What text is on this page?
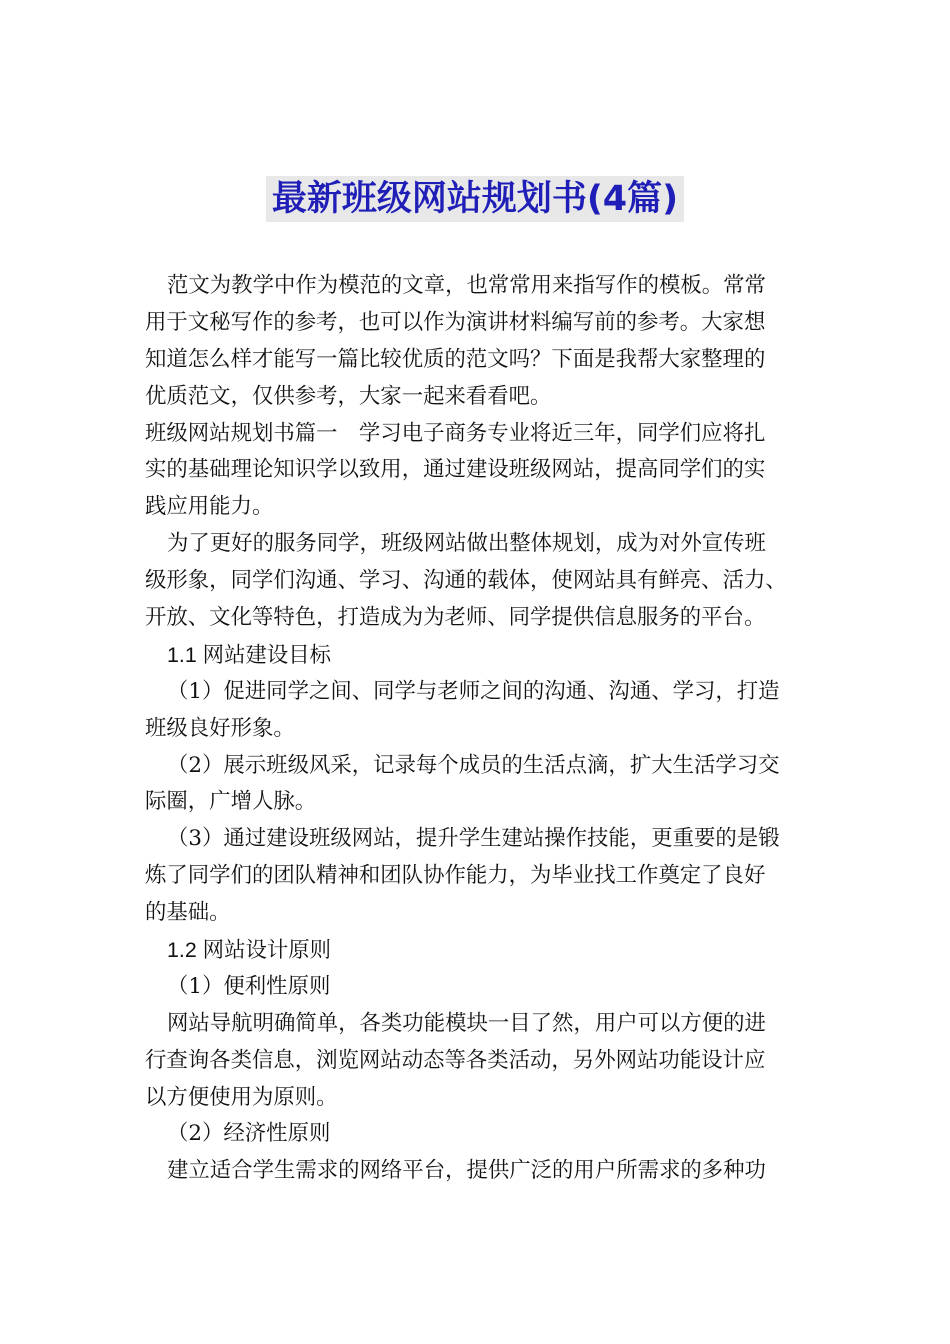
最新班级网站规划书(4篇)
范文为教学中作为模范的文章，也常常用来指写作的模板。常常
用于文秘写作的参考，也可以作为演讲材料编写前的参考。大家想
知道怎么样才能写一篇比较优质的范文吗？下面是我帮大家整理的
优质范文，仅供参考，大家一起来看看吧。
班级网站规划书篇一　学习电子商务专业将近三年，同学们应将扎
实的基础理论知识学以致用，通过建设班级网站，提高同学们的实
践应用能力。
为了更好的服务同学，班级网站做出整体规划，成为对外宣传班
级形象，同学们沟通、学习、沟通的载体，使网站具有鲜亮、活力、
开放、文化等特色，打造成为为老师、同学提供信息服务的平台。
1.1 网站建设目标
（1）促进同学之间、同学与老师之间的沟通、沟通、学习，打造
班级良好形象。
（2）展示班级风采，记录每个成员的生活点滴，扩大生活学习交
际圈，广增人脉。
（3）通过建设班级网站，提升学生建站操作技能，更重要的是锻
炼了同学们的团队精神和团队协作能力，为毕业找工作奠定了良好
的基础。
1.2 网站设计原则
（1）便利性原则
网站导航明确简单，各类功能模块一目了然，用户可以方便的进
行查询各类信息，浏览网站动态等各类活动，另外网站功能设计应
以方便使用为原则。
（2）经济性原则
建立适合学生需求的网络平台，提供广泛的用户所需求的多种功
